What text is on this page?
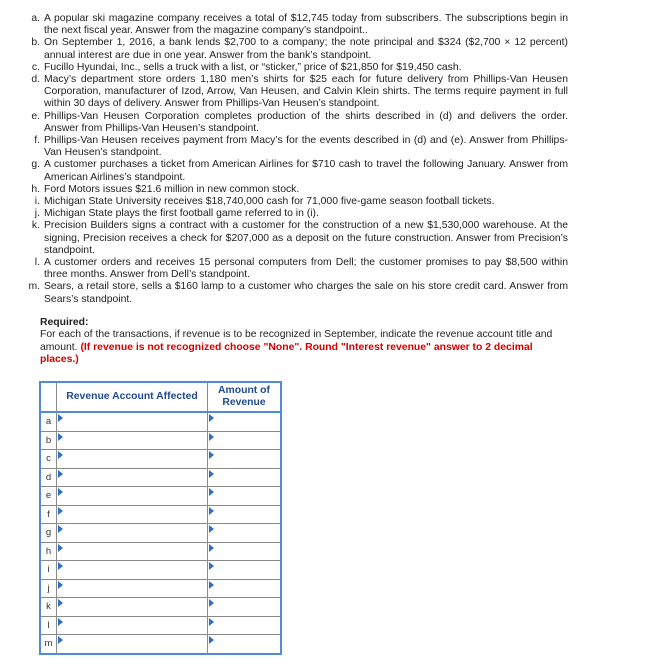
a. A popular ski magazine company receives a total of $12,745 today from subscribers. The subscriptions begin in the next fiscal year. Answer from the magazine company’s standpoint..
b. On September 1, 2016, a bank lends $2,700 to a company; the note principal and $324 ($2,700 × 12 percent) annual interest are due in one year. Answer from the bank’s standpoint.
c. Fucillo Hyundai, Inc., sells a truck with a list, or “sticker,” price of $21,850 for $19,450 cash.
d. Macy’s department store orders 1,180 men’s shirts for $25 each for future delivery from Phillips-Van Heusen Corporation, manufacturer of Izod, Arrow, Van Heusen, and Calvin Klein shirts. The terms require payment in full within 30 days of delivery. Answer from Phillips-Van Heusen’s standpoint.
e. Phillips-Van Heusen Corporation completes production of the shirts described in (d) and delivers the order. Answer from Phillips-Van Heusen’s standpoint.
f. Phillips-Van Heusen receives payment from Macy’s for the events described in (d) and (e). Answer from Phillips-Van Heusen’s standpoint.
g. A customer purchases a ticket from American Airlines for $710 cash to travel the following January. Answer from American Airlines’s standpoint.
h. Ford Motors issues $21.6 million in new common stock.
i. Michigan State University receives $18,740,000 cash for 71,000 five-game season football tickets.
j. Michigan State plays the first football game referred to in (i).
k. Precision Builders signs a contract with a customer for the construction of a new $1,530,000 warehouse. At the signing, Precision receives a check for $207,000 as a deposit on the future construction. Answer from Precision’s standpoint.
l. A customer orders and receives 15 personal computers from Dell; the customer promises to pay $8,500 within three months. Answer from Dell’s standpoint.
m. Sears, a retail store, sells a $160 lamp to a customer who charges the sale on his store credit card. Answer from Sears’s standpoint.
Required:
For each of the transactions, if revenue is to be recognized in September, indicate the revenue account title and amount. (If revenue is not recognized choose "None". Round "Interest revenue" answer to 2 decimal places.)
	Revenue Account Affected	Amount of Revenue
a	

b	

c	

d	

e	

f	

g	

h	

i	

j	

k	

l	

m	
